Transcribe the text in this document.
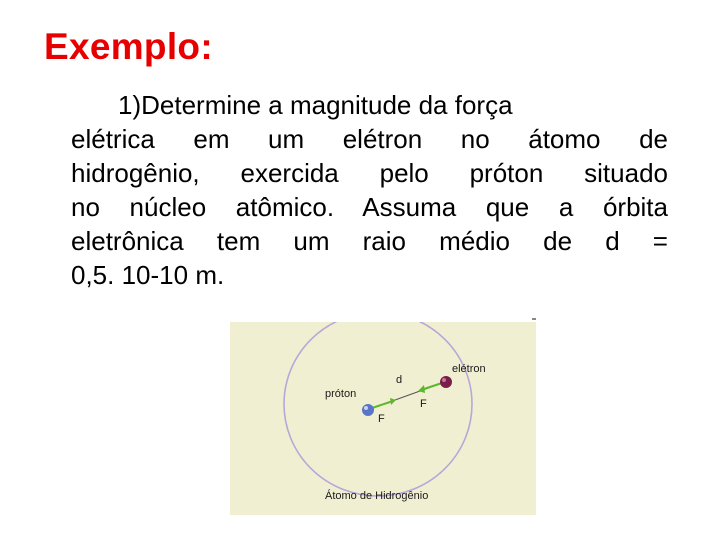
Exemplo:
1)Determine a magnitude da força
elétrica em um elétron no átomo de
hidrogênio, exercida pelo próton situado
no núcleo atômico. Assuma que a órbita
eletrônica tem um raio médio de d =
0,5. 10-10 m.
próton
elétron
d
F
F
Átomo de Hidrogênio
